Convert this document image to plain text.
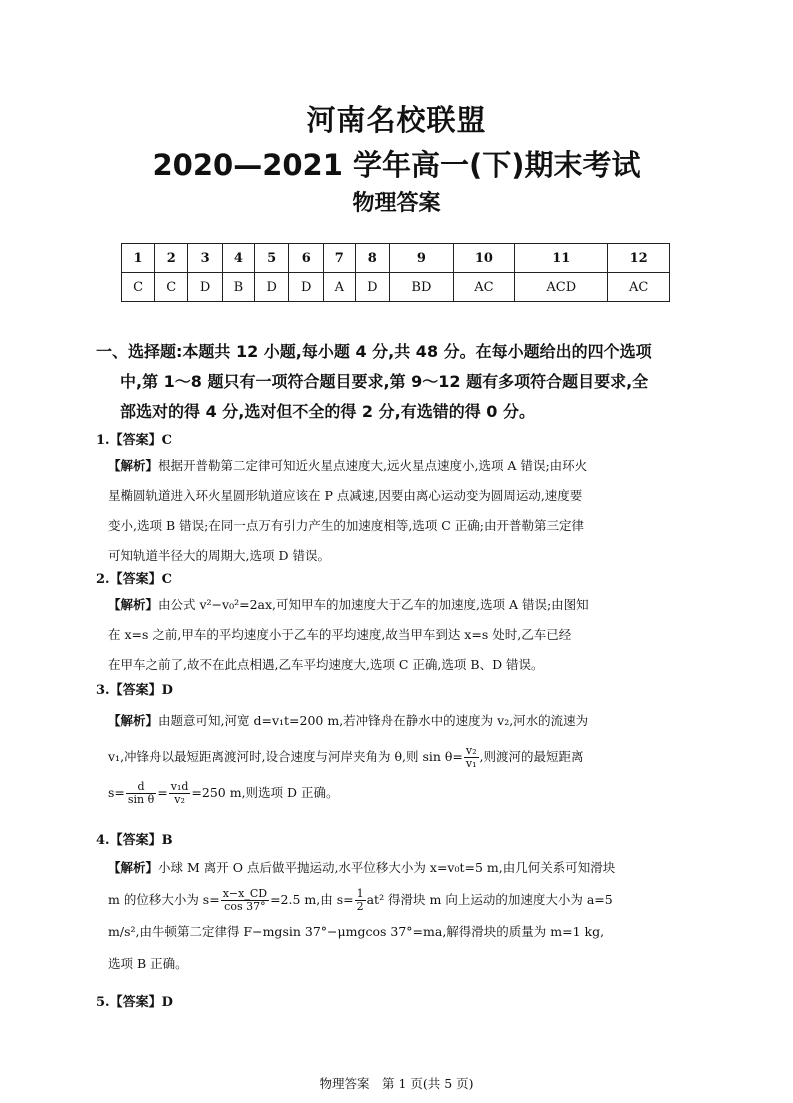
河南名校联盟
2020—2021 学年高一(下)期末考试
物理答案
1	2	3	4	5	6	7	8	9	10	11	12
C	C	D	B	D	D	A	D	BD	AC	ACD	AC
一、选择题:本题共 12 小题,每小题 4 分,共 48 分。在每小题给出的四个选项
中,第 1～8 题只有一项符合题目要求,第 9～12 题有多项符合题目要求,全
部选对的得 4 分,选对但不全的得 2 分,有选错的得 0 分。
1.【答案】C
【解析】根据开普勒第二定律可知近火星点速度大,远火星点速度小,选项 A 错误;由环火
星椭圆轨道进入环火星圆形轨道应该在 P 点减速,因要由离心运动变为圆周运动,速度要
变小,选项 B 错误;在同一点万有引力产生的加速度相等,选项 C 正确;由开普勒第三定律
可知轨道半径大的周期大,选项 D 错误。
2.【答案】C
【解析】由公式 v²−v₀²=2ax,可知甲车的加速度大于乙车的加速度,选项 A 错误;由图知
在 x=s 之前,甲车的平均速度小于乙车的平均速度,故当甲车到达 x=s 处时,乙车已经
在甲车之前了,故不在此点相遇,乙车平均速度大,选项 C 正确,选项 B、D 错误。
3.【答案】D
【解析】由题意可知,河宽 d=v₁t=200 m,若冲锋舟在静水中的速度为 v₂,河水的流速为
v₁,冲锋舟以最短距离渡河时,设合速度与河岸夹角为 θ,则 $\sin \theta= \frac{\text{v₂}}{\text{v₁}}$ ,则渡河的最短距离
$s= \frac{d}{\text{sin θ}} = \frac{\text{v₁d}}{\text{v₂}} =250$ m,则选项 D 正确。
4.【答案】B
【解析】小球 M 离开 O 点后做平抛运动,水平位移大小为 x=v₀t=5 m,由几何关系可知滑块
m 的位移大小为 $s= \frac{x-x\_CD}{\cos 37^\circ} =2.5$ m,由 $s= \frac{1}{2} at^2$ 得滑块 m 向上运动的加速度大小为 a=5
m/s²,由牛顿第二定律得 F−mgsin 37°−μmgcos 37°=ma,解得滑块的质量为 m=1 kg,
选项 B 正确。
5.【答案】D
物理答案　第 1 页(共 5 页)
